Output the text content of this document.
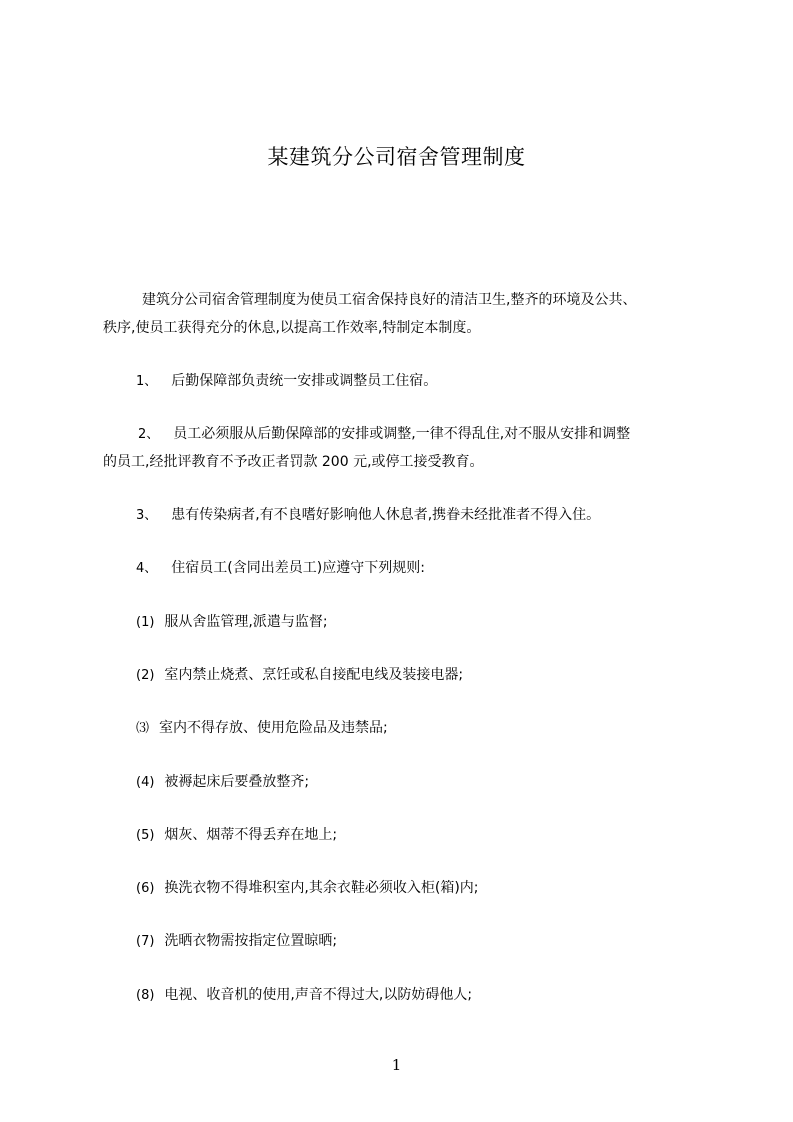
某建筑分公司宿舍管理制度
建筑分公司宿舍管理制度为使员工宿舍保持良好的清洁卫生,整齐的环境及公共、
秩序,使员工获得充分的休息,以提高工作效率,特制定本制度。
1、 后勤保障部负责统一安排或调整员工住宿。
2、 员工必须服从后勤保障部的安排或调整,一律不得乱住,对不服从安排和调整
的员工,经批评教育不予改正者罚款 200 元,或停工接受教育。
3、 患有传染病者,有不良嗜好影响他人休息者,携眷未经批准者不得入住。
4、 住宿员工(含同出差员工)应遵守下列规则:
(1) 服从舍监管理,派遣与监督;
(2) 室内禁止烧煮、烹饪或私自接配电线及装接电器;
⑶ 室内不得存放、使用危险品及违禁品;
(4) 被褥起床后要叠放整齐;
(5) 烟灰、烟蒂不得丢弃在地上;
(6) 换洗衣物不得堆积室内,其余衣鞋必须收入柜(箱)内;
(7) 洗晒衣物需按指定位置晾晒;
(8) 电视、收音机的使用,声音不得过大,以防妨碍他人;
1
